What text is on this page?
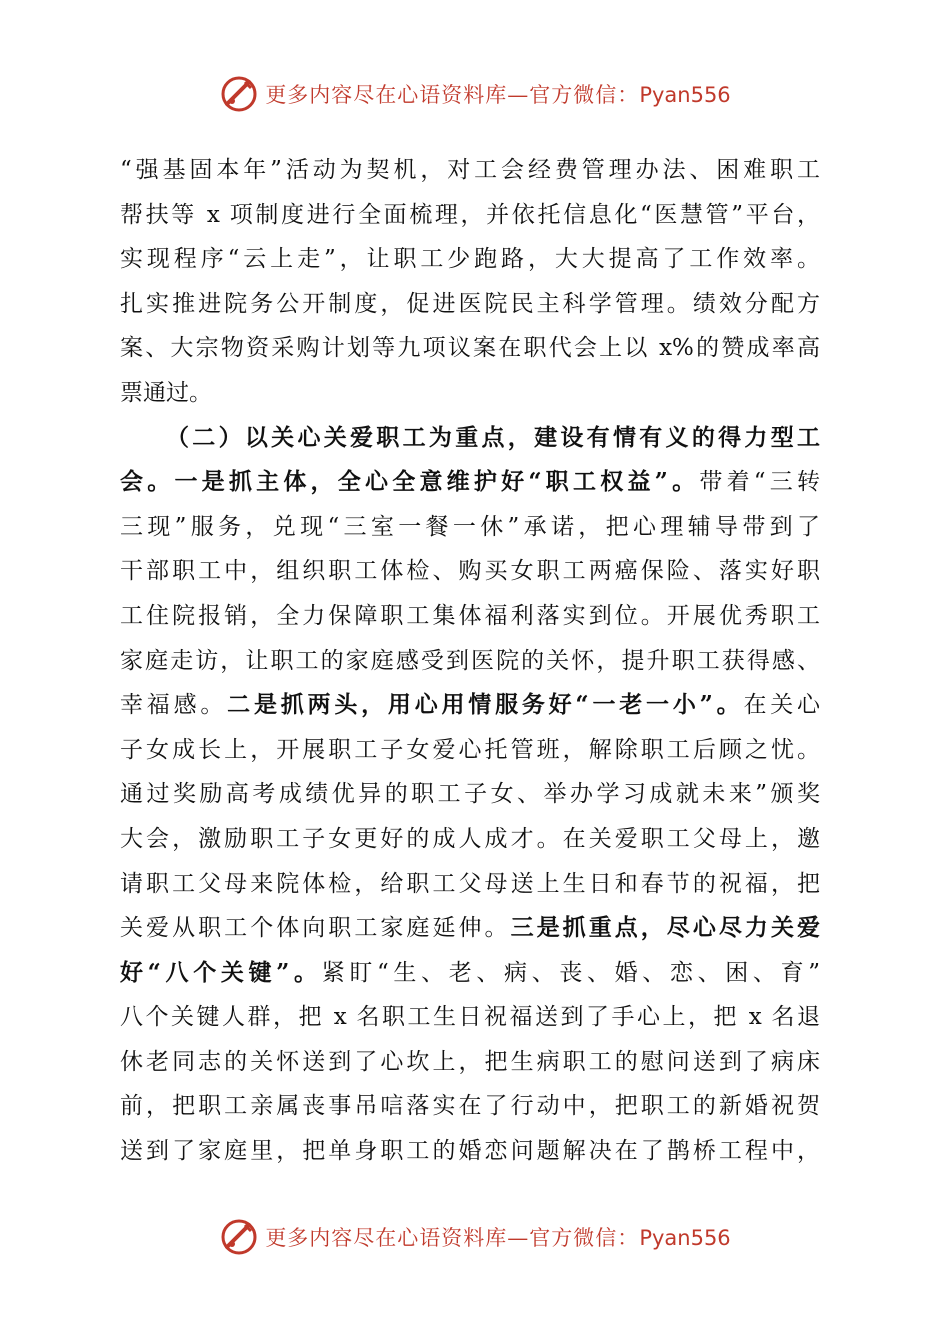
更多内容尽在心语资料库—官方微信：Pyan556
“强基固本年”活动为契机，对工会经费管理办法、困难职工
帮扶等 x 项制度进行全面梳理，并依托信息化“医慧管”平台，
实现程序“云上走”，让职工少跑路，大大提高了工作效率。
扎实推进院务公开制度，促进医院民主科学管理。绩效分配方
案、大宗物资采购计划等九项议案在职代会上以 x%的赞成率高
票通过。
（二）以关心关爱职工为重点，建设有情有义的得力型工
会。一是抓主体，全心全意维护好“职工权益”。带着“三转
三现”服务，兑现“三室一餐一休”承诺，把心理辅导带到了
干部职工中，组织职工体检、购买女职工两癌保险、落实好职
工住院报销，全力保障职工集体福利落实到位。开展优秀职工
家庭走访，让职工的家庭感受到医院的关怀，提升职工获得感、
幸福感。二是抓两头，用心用情服务好“一老一小”。在关心
子女成长上，开展职工子女爱心托管班，解除职工后顾之忧。
通过奖励高考成绩优异的职工子女、举办学习成就未来”颁奖
大会，激励职工子女更好的成人成才。在关爱职工父母上，邀
请职工父母来院体检，给职工父母送上生日和春节的祝福，把
关爱从职工个体向职工家庭延伸。三是抓重点，尽心尽力关爱
好“八个关键”。紧盯“生、老、病、丧、婚、恋、困、育”
八个关键人群，把 x 名职工生日祝福送到了手心上，把 x 名退
休老同志的关怀送到了心坎上，把生病职工的慰问送到了病床
前，把职工亲属丧事吊唁落实在了行动中，把职工的新婚祝贺
送到了家庭里，把单身职工的婚恋问题解决在了鹊桥工程中，
更多内容尽在心语资料库—官方微信：Pyan556
